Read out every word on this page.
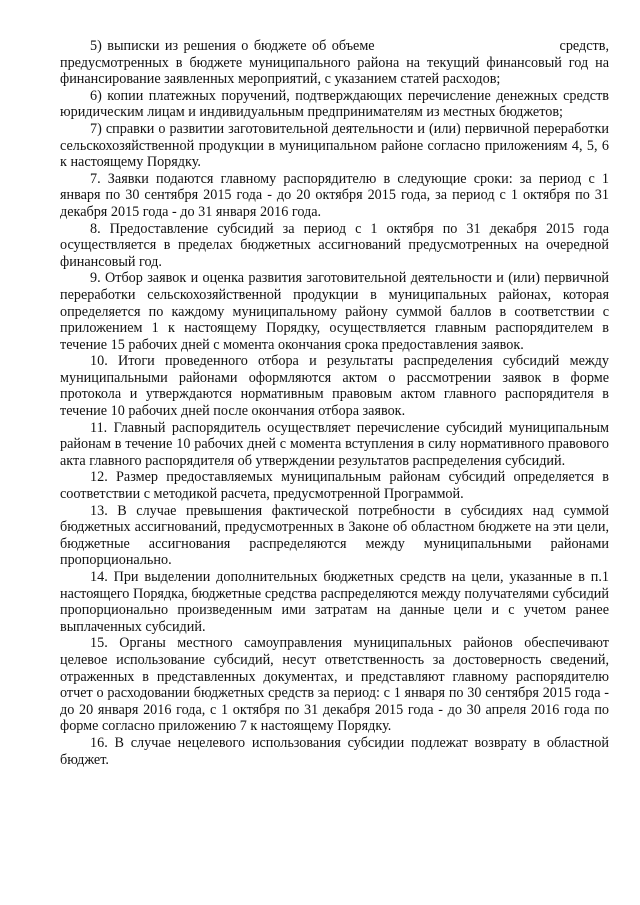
5) выписки из решения о бюджете об объеме                                  средств, предусмотренных в бюджете муниципального района на текущий финансовый год на финансирование заявленных мероприятий, с указанием статей расходов;

6) копии платежных поручений, подтверждающих перечисление денежных средств юридическим лицам и индивидуальным предпринимателям из местных бюджетов;

7) справки о развитии заготовительной деятельности и (или) первичной переработки сельскохозяйственной продукции в муниципальном районе согласно приложениям 4, 5, 6 к настоящему Порядку.

7. Заявки подаются главному распорядителю в следующие сроки: за период с 1 января по 30 сентября 2015 года - до 20 октября 2015 года, за период с 1 октября по 31 декабря 2015 года - до 31 января 2016 года.

8. Предоставление субсидий за период с 1 октября по 31 декабря 2015 года осуществляется в пределах бюджетных ассигнований предусмотренных на очередной финансовый год.

9. Отбор заявок и оценка развития заготовительной деятельности и (или) первичной переработки сельскохозяйственной продукции в муниципальных районах, которая определяется по каждому муниципальному району суммой баллов в соответствии с приложением 1 к настоящему Порядку, осуществляется главным распорядителем в течение 15 рабочих дней с момента окончания срока предоставления заявок.

10. Итоги проведенного отбора и результаты распределения субсидий между муниципальными районами оформляются актом о рассмотрении заявок в форме протокола и утверждаются нормативным правовым актом главного распорядителя в течение 10 рабочих дней после окончания отбора заявок.

11. Главный распорядитель осуществляет перечисление субсидий муниципальным районам в течение 10 рабочих дней с момента вступления в силу нормативного правового акта главного распорядителя об утверждении результатов распределения субсидий.

12. Размер предоставляемых муниципальным районам субсидий определяется в соответствии с методикой расчета, предусмотренной Программой.

13. В случае превышения фактической потребности в субсидиях над суммой бюджетных ассигнований, предусмотренных в Законе об областном бюджете на эти цели, бюджетные ассигнования распределяются между муниципальными районами пропорционально.

14. При выделении дополнительных бюджетных средств на цели, указанные в п.1 настоящего Порядка, бюджетные средства распределяются между получателями субсидий пропорционально произведенным ими затратам на данные цели и с учетом ранее выплаченных субсидий.

15. Органы местного самоуправления муниципальных районов обеспечивают целевое использование субсидий, несут ответственность за достоверность сведений, отраженных в представленных документах, и представляют главному распорядителю отчет о расходовании бюджетных средств за период: с 1 января по 30 сентября 2015 года - до 20 января 2016 года, с 1 октября по 31 декабря 2015 года - до 30 апреля 2016 года по форме согласно приложению 7 к настоящему Порядку.

16. В случае нецелевого использования субсидии подлежат возврату в областной бюджет.
